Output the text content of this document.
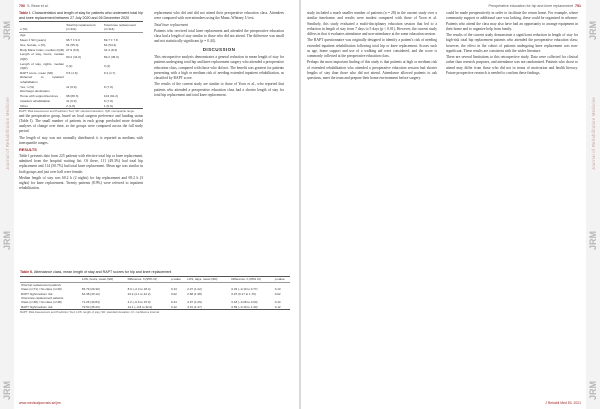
JRM
Journal of Rehabilitation Medicine
JRM
JRM
790 S. Bean et al.
Table I. Characteristics and length of stay for patients who underwent total hip and knee replacement between 27 July 2020 and 26 December 2020
n (%)	Total hip replacement (n=111)	Total knee replacement (n=114)
Age		
Mean ± SD (years)	68.7 ± 9.0	69.7 ± 7.8
Sex, female, n (%)	61 (55.0)	62 (54.4)
Body Mass Index, median (IQR)	27.9 (6.6)	31.4 (8.3)
Length of stay, hours, median (IQR)	60.2 (41.6)	69.2 (45.0)
Length of stay, nights, median (IQR)	2 (2)	3 (2)
RAPT score, mean (SD)	9.5 (1.6)	9.2 (1.7)
Referred to inpatient rehabilitation		
Yes, n (%)	11 (9.9)	9 (7.9)
Discharge destination		
Home with support/services	98 (88.3)	104 (91.2)
Inpatient rehabilitation	11 (9.9)	9 (7.9)
Other	2 (1.8)	1 (0.9)
RAPT: Risk Assessment and Prediction Tool; SD: standard deviation; IQR: interquartile range.

and the preoperative group, based on local surgeon preference and funding status (Table I). The small number of patients in each group precluded more detailed analyses of change over time, so the groups were compared across the full study period.

The length of stay was not normally distributed; it is reported as medians with interquartile ranges.

RESULTS

Table I presents data from 225 patients with elective total hip or knee replacement, admitted from the hospital waiting list. Of these, 111 (49.3%) had total hip replacement and 114 (50.7%) had total knee replacement. Mean age was similar in both groups and just over half were female.

Median length of stay was 60.2 h (2 nights) for hip replacement and 69.2 h (3 nights) for knee replacement. Twenty patients (8.9%) were referred to inpatient rehabilitation.

replacement who did and did not attend their preoperative education class. Attendees were compared with non-attendees using the Mann–Whitney U test.

Total knee replacement

Patients who received total knee replacement and attended the preoperative education class had a length of stay similar to those who did not attend. The difference was small and not statistically significant (p = 0.44).

DISCUSSION

This retrospective analysis demonstrates a general reduction in mean length of stay for patients undergoing total hip and knee replacement surgery who attended a preoperative education class, compared with those who did not. The benefit was greatest for patients presenting with a high or medium risk of needing extended inpatient rehabilitation, as classified by RAPT score.

The results of the current study are similar to those of Yoon et al., who reported that patients who attended a preoperative education class had a shorter length of stay for total hip replacement and total knee replacement.

www.medicaljournals.se/jrm
JRM
Journal of Rehabilitation Medicine
JRM
JRM
Preoperative education for hip and knee replacement 791

study included a much smaller number of patients (n = 28) in the current study over a similar timeframe, and results were modest compared with those of Yoon et al. Similarly, this study evaluated a multi-disciplinary education session that led to a reduction in length of stay from 7 days to 5 days (p < 0.01). However, the current study differs in that it evaluates attendance and non-attendance at the same education session.

The RAPT questionnaire was originally designed to identify a patient's risk of needing extended inpatient rehabilitation following total hip or knee replacement. Scores such as age, home support and use of a walking aid were considered, and the score is commonly collected at the preoperative education class.

Perhaps the most important finding of this study is that patients at high or medium risk of extended rehabilitation who attended a preoperative education session had shorter lengths of stay than those who did not attend. Attendance allowed patients to ask questions, meet the team and prepare their home environment before surgery.

could be made preoperatively in order to facilitate the return home. For example, where community support or additional care was lacking, these could be organized in advance. Patients who attend the class may also have had an opportunity to arrange equipment in their home and to organize help from family.

The results of the current study demonstrate a significant reduction in length of stay for high-risk total hip replacement patients who attended the preoperative education class; however, the effect in the cohort of patients undergoing knee replacement was non-significant. These results are consistent with the wider literature.

There are several limitations to this retrospective study. Data were collected for clinical rather than research purposes, and attendance was not randomized. Patients who chose to attend may differ from those who did not in terms of motivation and health literacy. Future prospective research is needed to confirm these findings.

J Rehabil Med 53, 2021
Table II. Attendance class, mean length of stay and RAPT scores for hip and knee replacement
	LOS, hours, mean (SD)	Difference, h (95% CI)	p-value	LOS, days, mean (SD)	Difference, h (95% CI)	p-value
Total hip replacement patients						
Class (n=71) / No class (n=40)	56.79 (29.30)	8.0 (–2.4 to 18.4)	0.13	2.37 (1.22)	0.33 (–0.10 to 0.77)	0.13
RAPT high/medium risk	64.38 (33.12)	23.2 (4.1 to 42.2)	0.02	2.68 (1.38)	0.97 (0.17 to 1.76)	0.02
Total knee replacement patients						
Class (n=66) / No class (n=48)	71.26 (30.84)	4.2 (–6.6 to 15.0)	0.44	2.97 (1.29)	0.18 (–0.28 to 0.63)	0.44
RAPT high/medium risk	79.50 (35.20)	14.1 (–3.8 to 32.0)	0.12	3.31 (1.47)	0.59 (–0.16 to 1.33)	0.12
RAPT: Risk Assessment and Prediction Tool; LOS: length of stay; SD: standard deviation; CI: confidence interval.
